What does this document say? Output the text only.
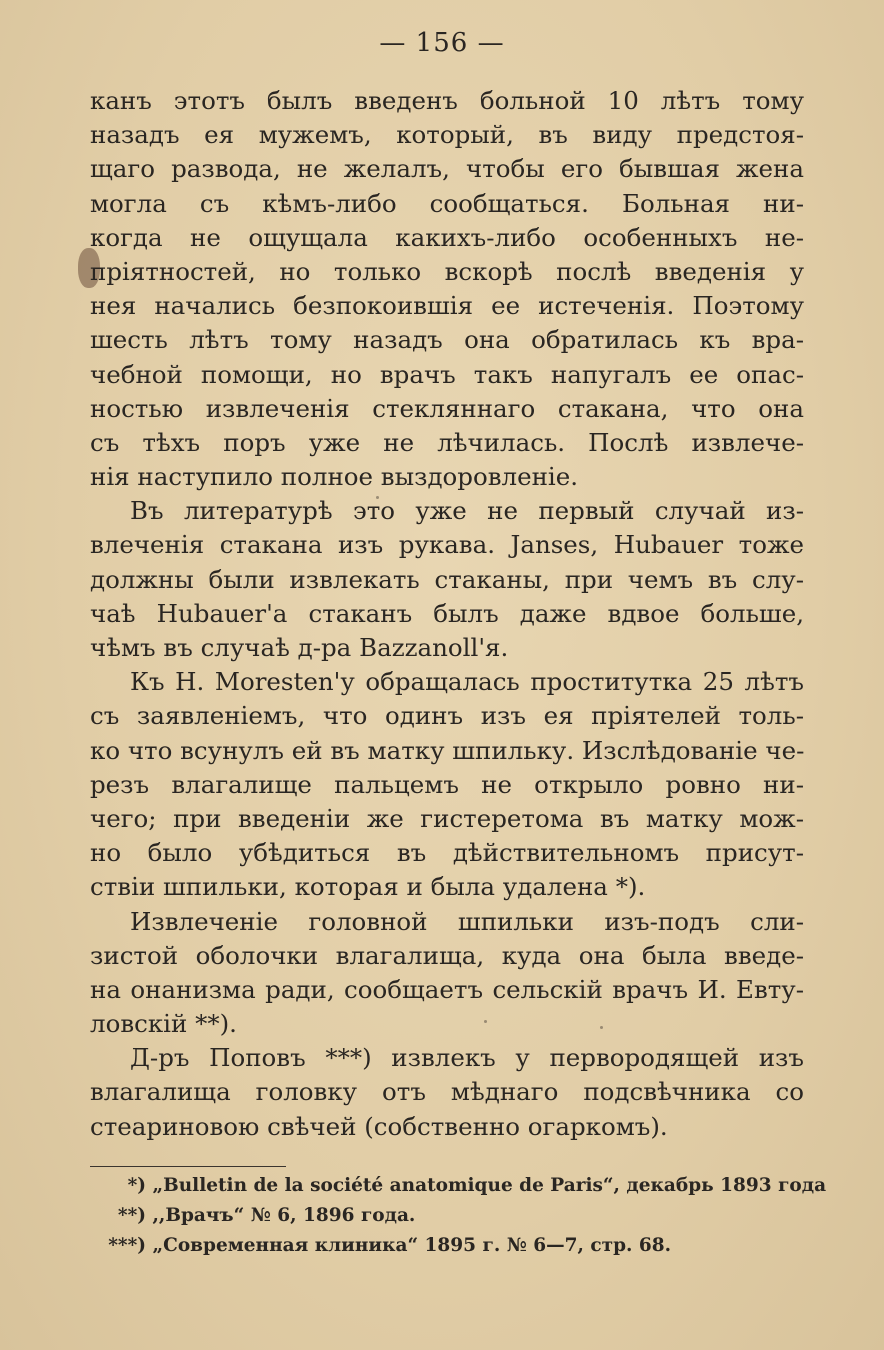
— 156 —
канъ этотъ былъ введенъ больной 10 лѣтъ тому
назадъ ея мужемъ, который, въ виду предстоя-
щаго развода, не желалъ, чтобы его бывшая жена
могла съ кѣмъ-либо сообщаться. Больная ни-
когда не ощущала какихъ-либо особенныхъ не-
пріятностей, но только вскорѣ послѣ введенія у
нея начались безпокоившія ее истеченія. Поэтому
шесть лѣтъ тому назадъ она обратилась къ вра-
чебной помощи, но врачъ такъ напугалъ ее опас-
ностью извлеченія стекляннаго стакана, что она
съ тѣхъ поръ уже не лѣчилась. Послѣ извлече-
нія наступило полное выздоровленіе.
Въ литературѣ это уже не первый случай из-
влеченія стакана изъ рукава. Janses, Hubauer тоже
должны были извлекать стаканы, при чемъ въ слу-
чаѣ Hubauer'а стаканъ былъ даже вдвое больше,
чѣмъ въ случаѣ д-ра Bazzanoll'я.
Къ H. Moresten'у обращалась проститутка 25 лѣтъ
съ заявленіемъ, что одинъ изъ ея пріятелей толь-
ко что всунулъ ей въ матку шпильку. Изслѣдованіе че-
резъ влагалище пальцемъ не открыло ровно ни-
чего; при введеніи же гистеретома въ матку мож-
но было убѣдиться въ дѣйствительномъ присут-
ствіи шпильки, которая и была удалена *).
Извлеченіе головной шпильки изъ-подъ сли-
зистой оболочки влагалища, куда она была введе-
на онанизма ради, сообщаетъ сельскій врачъ И. Евту-
ловскій **).
Д-ръ Поповъ ***) извлекъ у первородящей изъ
влагалища головку отъ мѣднаго подсвѣчника со
стеариновою свѣчей (собственно огаркомъ).
*) „Bulletin de la société anatomique de Paris“, декабрь 1893 года
**) ,,Врачъ“ № 6, 1896 года.
***) „Современная клиника“ 1895 г. № 6—7, стр. 68.
